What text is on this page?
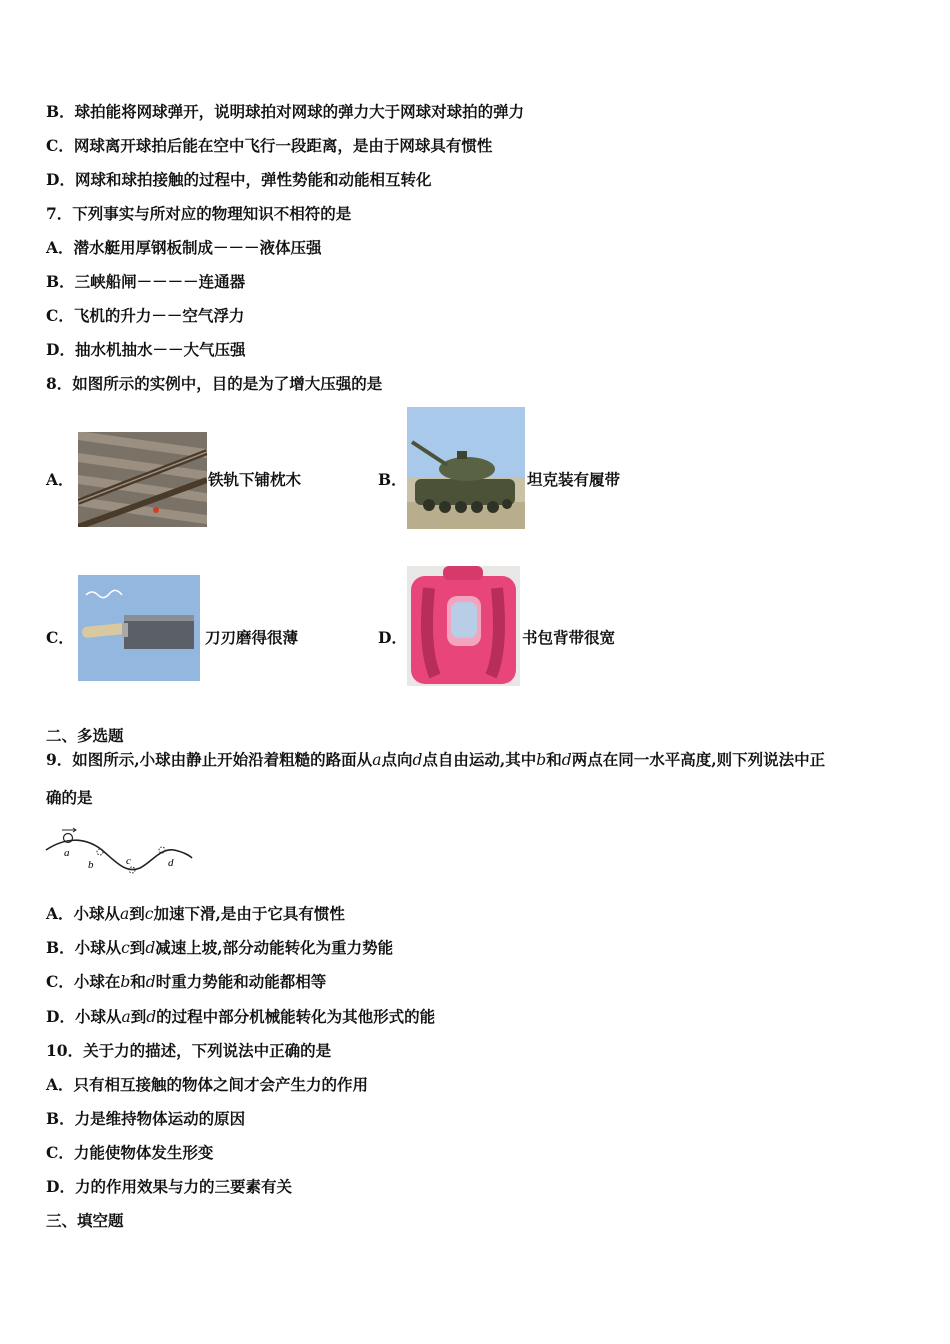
B．球拍能将网球弹开，说明球拍对网球的弹力大于网球对球拍的弹力
C．网球离开球拍后能在空中飞行一段距离，是由于网球具有惯性
D．网球和球拍接触的过程中，弹性势能和动能相互转化
7．下列事实与所对应的物理知识不相符的是
A．潜水艇用厚钢板制成－－－液体压强
B．三峡船闸－－－－连通器
C．飞机的升力－－空气浮力
D．抽水机抽水－－大气压强
8．如图所示的实例中，目的是为了增大压强的是
A．	铁轨下铺枕木	B．	坦克装有履带
C．	刀刃磨得很薄	D．	书包背带很宽
二、多选题
9．如图所示,小球由静止开始沿着粗糙的路面从a点向d点自由运动,其中b和d两点在同一水平高度,则下列说法中正
确的是
a
b	c	d
A．小球从a到c加速下滑,是由于它具有惯性
B．小球从c到d减速上坡,部分动能转化为重力势能
C．小球在b和d时重力势能和动能都相等
D．小球从a到d的过程中部分机械能转化为其他形式的能
10．关于力的描述，下列说法中正确的是
A．只有相互接触的物体之间才会产生力的作用
B．力是维持物体运动的原因
C．力能使物体发生形变
D．力的作用效果与力的三要素有关
三、填空题
